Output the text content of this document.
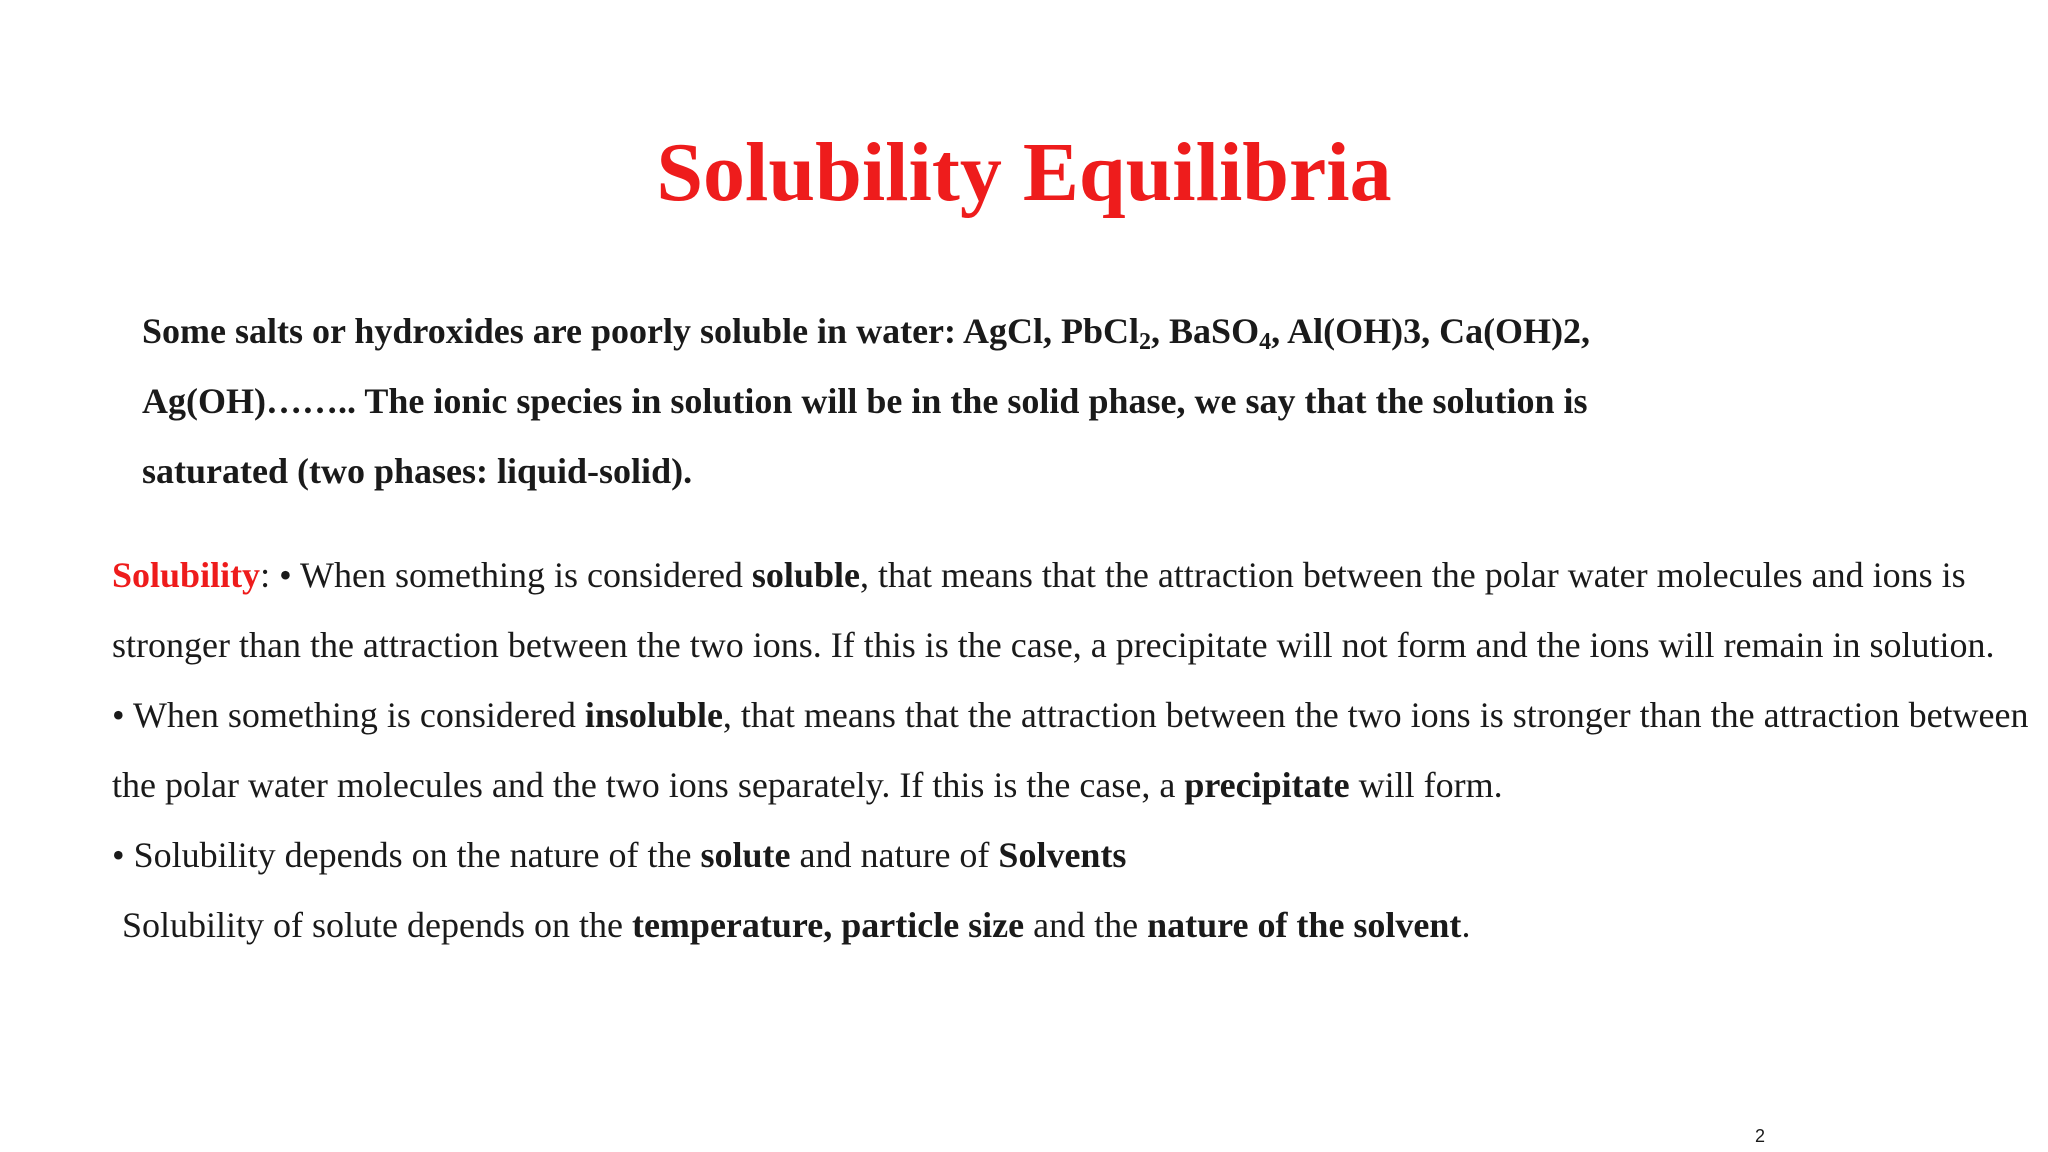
Solubility Equilibria

Some salts or hydroxides are poorly soluble in water: AgCl, PbCl$_2$, BaSO$_4$, Al(OH)3, Ca(OH)2, Ag(OH)…….. The ionic species in solution will be in the solid phase, we say that the solution is saturated (two phases: liquid-solid).

Solubility: • When something is considered soluble, that means that the attraction between the polar water molecules and ions is stronger than the attraction between the two ions. If this is the case, a precipitate will not form and the ions will remain in solution.

• When something is considered insoluble, that means that the attraction between the two ions is stronger than the attraction between the polar water molecules and the two ions separately. If this is the case, a precipitate will form.

• Solubility depends on the nature of the solute and nature of Solvents

Solubility of solute depends on the temperature, particle size and the nature of the solvent.

2
